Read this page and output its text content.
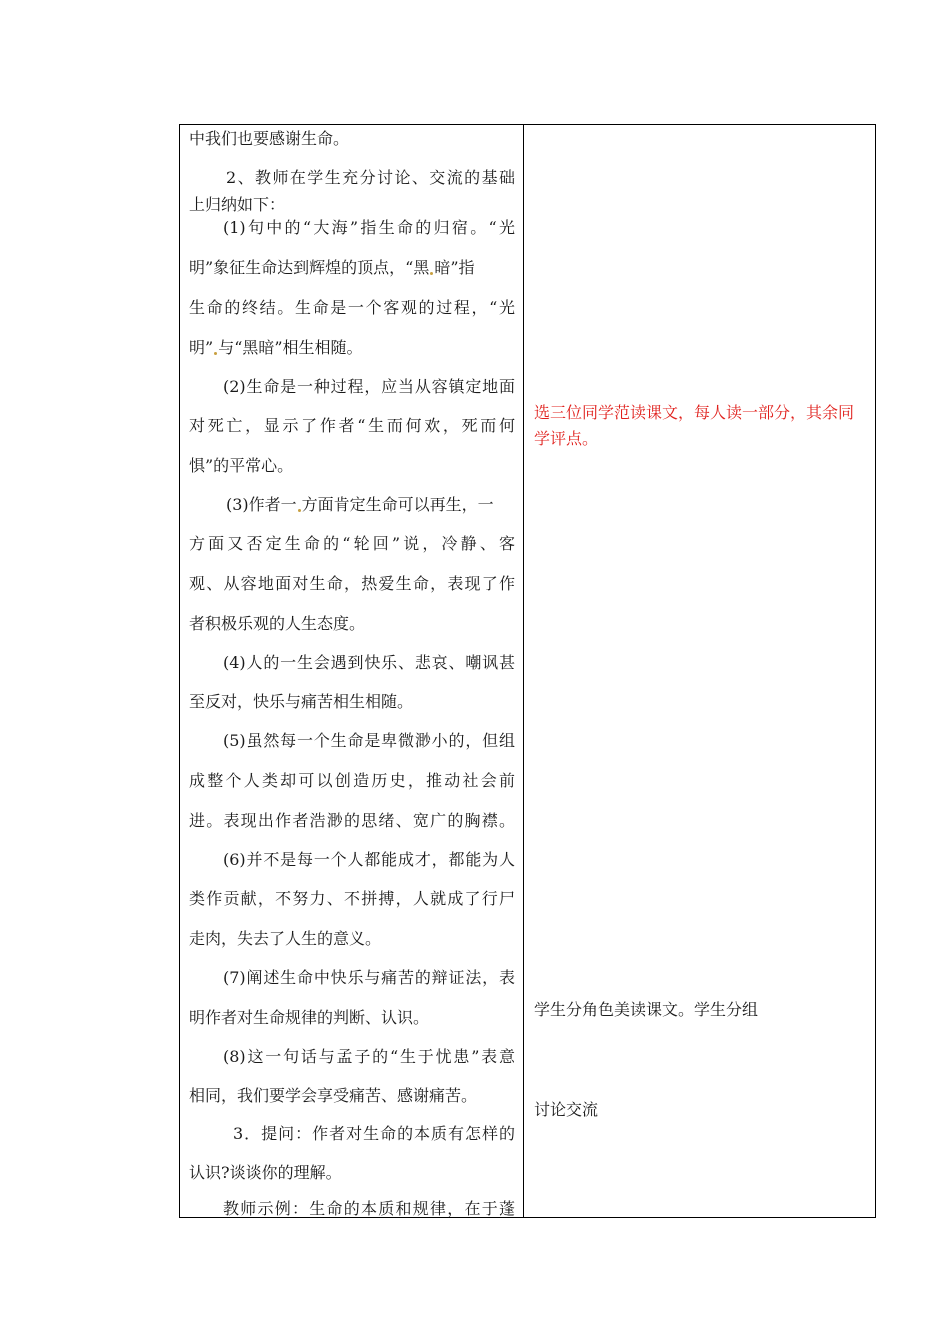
中我们也要感谢生命。
2、教师在学生充分讨论、交流的基础
上归纳如下：
(1)句中的“大海”指生命的归宿。“光
明”象征生命达到辉煌的顶点，“黑 暗”指
生命的终结。生命是一个客观的过程，“光
明” 与“黑暗”相生相随。
(2)生命是一种过程，应当从容镇定地面
对死亡，显示了作者“生而何欢，死而何
惧”的平常心。
(3)作者一 方面肯定生命可以再生，一
方面又否定生命的“轮回”说，冷静、客
观、从容地面对生命，热爱生命，表现了作
者积极乐观的人生态度。
(4)人的一生会遇到快乐、悲哀、嘲讽甚
至反对，快乐与痛苦相生相随。
(5)虽然每一个生命是卑微渺小的，但组
成整个人类却可以创造历史，推动社会前
进。表现出作者浩渺的思绪、宽广的胸襟。
(6)并不是每一个人都能成才，都能为人
类作贡献，不努力、不拼搏，人就成了行尸
走肉，失去了人生的意义。
(7)阐述生命中快乐与痛苦的辩证法，表
明作者对生命规律的判断、认识。
(8)这一句话与孟子的“生于忧患”表意
相同，我们要学会享受痛苦、感谢痛苦。
3．提问：作者对生命的本质有怎样的
认识?谈谈你的理解。
教师示例：生命的本质和规律，在于蓬
选三位同学范读课文，每人读一部分，其余同
学评点。
学生分角色美读课文。学生分组
讨论交流
